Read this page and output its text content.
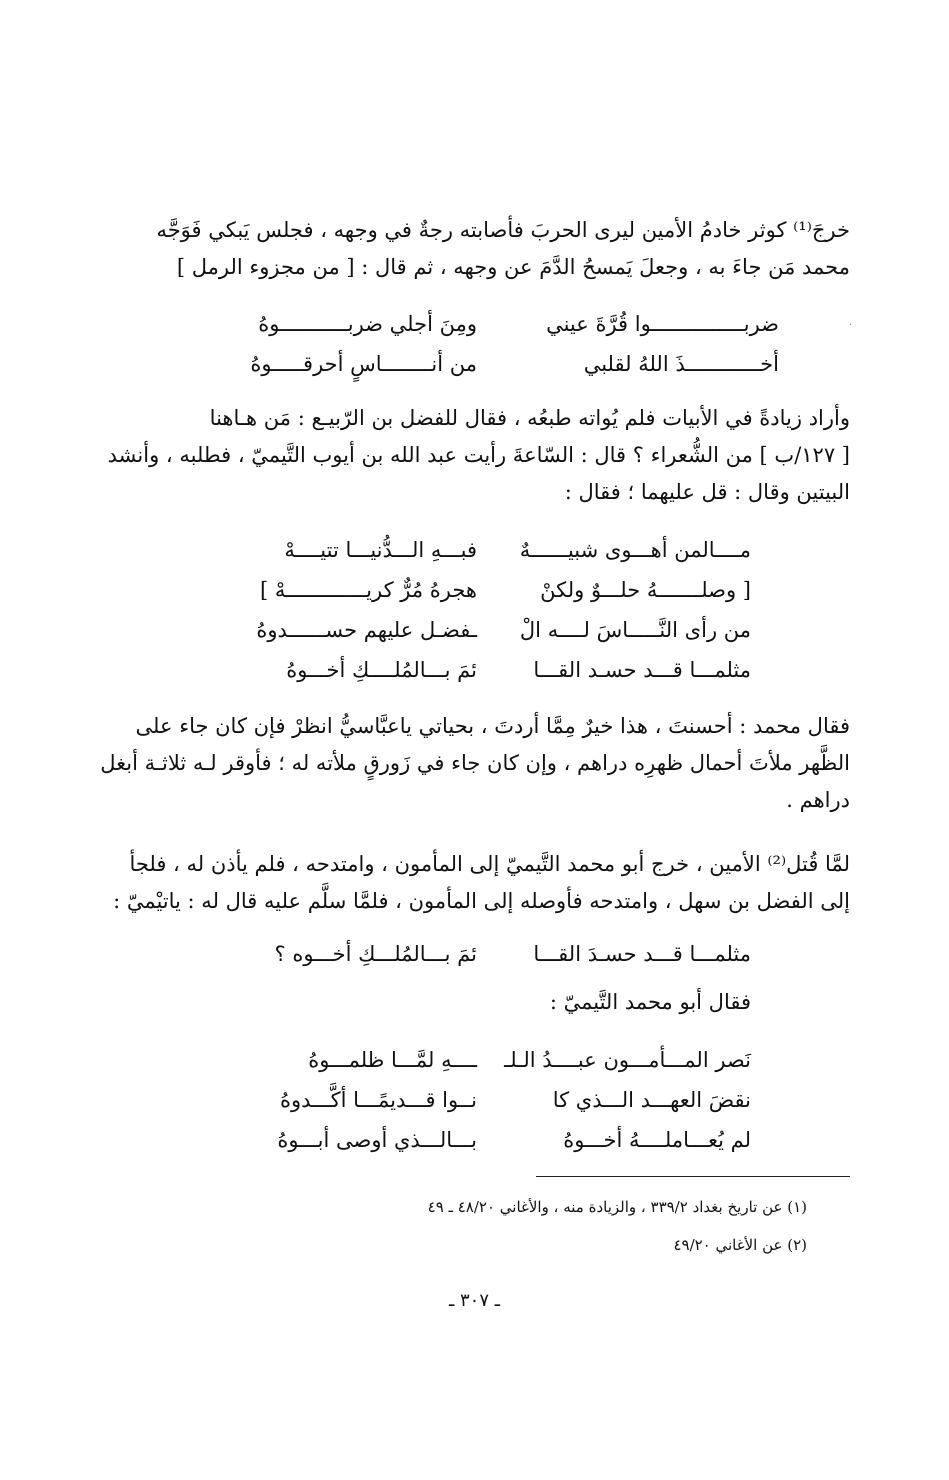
·
خرجَ⁽¹⁾ كوثر خادمُ الأمين ليرى الحربَ فأصابته رجةٌ في وجهه ، فجلس يَبكي فَوَجَّه
محمد مَن جاءَ به ، وجعلَ يَمسحُ الدَّمَ عن وجهه ، ثم قال : [ من مجزوء الرمل ]
ضربـــــــــــــــوا قُرَّةَ عيني
ومِنَ أجلي ضربـــــــــــوهُ
أخــــــــــــذَ اللهُ لقلبي
من أنــــــــاسٍ أحرقـــــوهُ
وأراد زيادةً في الأبيات فلم يُواته طبعُه ، فقال للفضل بن الرّبيـع : مَن هـاهنا
[ ١٢٧/ب ] من الشُّعراء ؟ قال : السّاعةَ رأيت عبد الله بن أيوب التَّيميّ ، فطلبه ، وأنشد
البيتين وقال : قل عليهما ؛ فقال :
مــــالمن أهـــوى شبيــــــهٌ
فبـــهِ الـــدُّنيـــا تتيــــهْ
[ وصلـــــــهُ حلـــوٌ ولكنْ
هجرهُ مُرٌّ كريـــــــــــــهْ ]
من رأى النَّـــــاسَ لــــه الْ
ـفضـل عليهم حســــــدوهُ
مثلمـــا قـــد حسـد القـــا
ئمَ بـــالمُلــــكِ أخـــوهُ
فقال محمد : أحسنتَ ، هذا خيرٌ مِمَّا أردتَ ، بحياتي ياعبَّاسيُّ انظرْ فإن كان جاء على
الظَّهر ملأتَ أحمال ظهرِه دراهم ، وإن كان جاء في زَورقٍ ملأته له ؛ فأوقر لـه ثلاثـة أبغل
دراهم .
لمَّا قُتل⁽²⁾ الأمين ، خرج أبو محمد التَّيميّ إلى المأمون ، وامتدحه ، فلم يأذن له ، فلجأ
إلى الفضل بن سهل ، وامتدحه فأوصله إلى المأمون ، فلمَّا سلَّم عليه قال له : ياتيْميّ :
مثلمـــا قـــد حسـدَ القـــا
ئمَ بـــالمُلـــكِ أخـــوه ؟
فقال أبو محمد التَّيميّ :
نَصر المـــأمـــون عبــــدُ الـلـ
ــــهِ لمَّـــا ظلمـــوهُ
نقضَ العهـــد الـــذي كا
نــوا قـــديمًـــا أكَّـــدوهُ
لم يُعـــاملــــهُ أخـــوهُ
بـــالـــذي أوصى أبـــوهُ
(١) عن تاريخ بغداد ٣٣٩/٢ ، والزيادة منه ، والأغاني ٤٨/٢٠ ـ ٤٩
(٢) عن الأغاني ٤٩/٢٠
ـ ٣٠٧ ـ
